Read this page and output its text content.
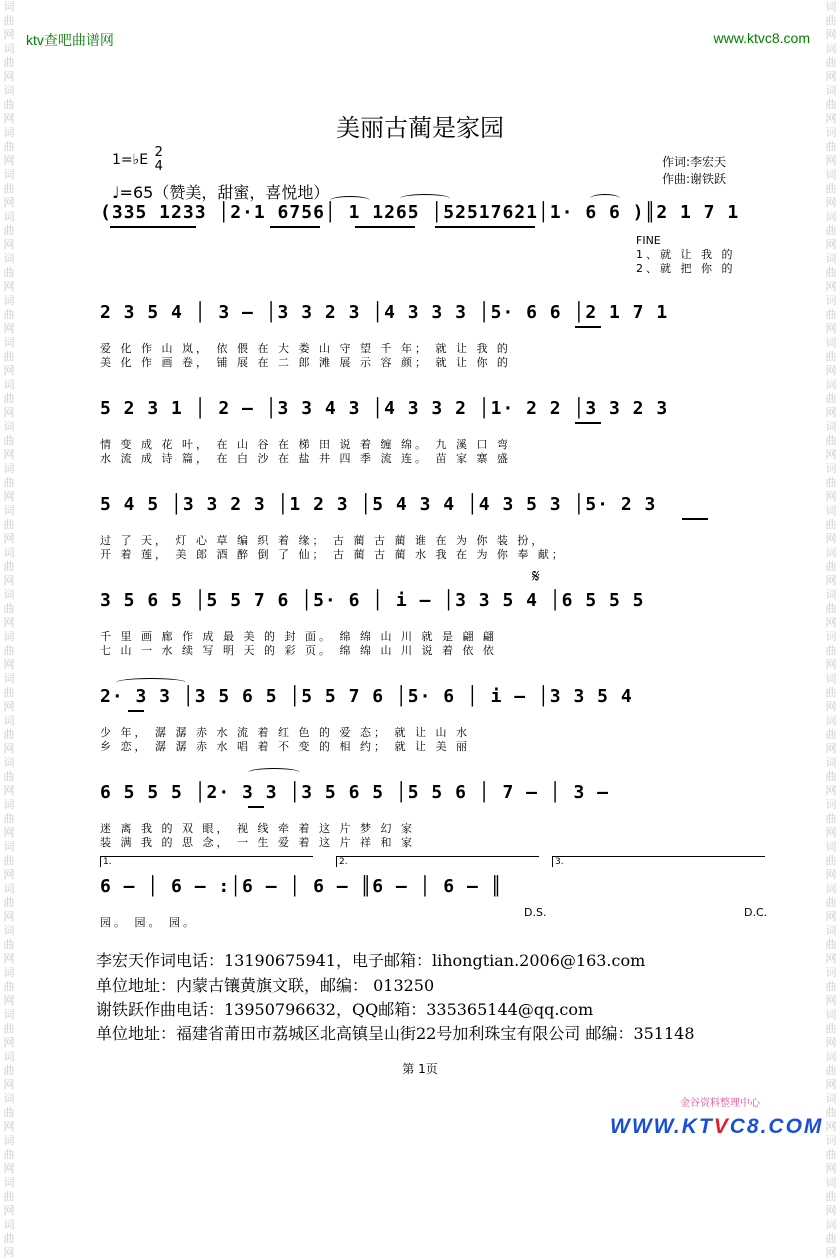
词
曲
网
词
曲
网
词
曲
网
词
曲
网
词
曲
网
词
曲
网
词
曲
网
词
曲
网
词
曲
网
词
曲
网
词
曲
网
词
曲
网
词
曲
网
词
曲
网
词
曲
网
词
曲
网
词
曲
网
词
曲
网
词
曲
网
词
曲
网
词
曲
网
词
曲
网
词
曲
网
词
曲
网
词
曲
网
词
曲
网
词
曲
网
词
曲
网
词
曲
网
词
曲
网
词
曲
网
词
曲
网
词
曲
网
词
曲
网
词
曲
网
词
曲
网
词
曲
网
词
曲
网
词
曲
网
词
曲
网
词
曲
网
词
曲
网
词
曲
网
词
曲
网
词
曲
网
词
曲
网
词
曲
网
词
曲
网
词
曲
网
词
曲
网
词
曲
网
词
曲
网
词
曲
网
词
曲
网
词
曲
网
词
曲
网
词
曲
网
词
曲
网
词
曲
网
词
曲
网
ktv查吧曲谱网	www.ktvc8.com
美丽古蔺是家园
1=♭E 2
4
♩=65（赞美，甜蜜，喜悦地）
作词:李宏天
作曲:谢铁跃
(335 1233 │2·1 6756│ 1 1265 │525176̇21│1· 6 6 )║2 1 7 1
FINE
1、就 让 我 的
2、就 把 你 的
2 3 5 4 │ 3 – │3 3 2 3 │4 3 3 3 │5· 6 6 │2 1 7 1
爱 化 作 山 岚， 依 偎 在 大 娄 山 守 望 千 年； 就 让 我 的
美 化 作 画 卷， 铺 展 在 二 郎 滩 展 示 容 颜； 就 让 你 的
5 2 3 1 │ 2 – │3 3 4 3 │4 3 3 2 │1· 2 2 │3 3 2 3
情 变 成 花 叶， 在 山 谷 在 梯 田 说 着 缠 绵。 九 溪 口 弯
水 流 成 诗 篇， 在 白 沙 在 盐 井 四 季 流 连。 苗 家 寨 盛
5 4 5 │3 3 2 3 │1 2 3 │5 4 3 4 │4 3 5 3 │5· 2 3
过 了 天， 灯 心 草 编 织 着 缘； 古 蔺 古 蔺 谁 在 为 你 装 扮，
开 着 莲， 美 郎 酒 醉 倒 了 仙； 古 蔺 古 蔺 水 我 在 为 你 奉 献；
𝄋
3 5 6 5 │5 5 7 6 │5· 6 │ i – │3 3 5 4 │6 5 5 5
千 里 画 廊 作 成 最 美 的 封 面。 绵 绵 山 川 就 是 翩 翩
七 山 一 水 续 写 明 天 的 彩 页。 绵 绵 山 川 说 着 依 依
2· 3 3 │3 5 6 5 │5 5 7 6 │5· 6 │ i – │3 3 5 4
少 年， 潺 潺 赤 水 流 着 红 色 的 爱 态； 就 让 山 水
乡 恋， 潺 潺 赤 水 唱 着 不 变 的 相 约； 就 让 美 丽
6 5 5 5 │2· 3 3 │3 5 6 5 │5 5 6 │ 7 – │ 3 –
迷 离 我 的 双 眼， 视 线 牵 着 这 片 梦 幻 家
装 满 我 的 思 念， 一 生 爱 着 这 片 祥 和 家
1.	2.	3.
6 – │ 6 – :│6 – │ 6 – ║6 – │ 6 – ║
园。 园。 园。
D.S.	D.C.
李宏天作词电话：13190675941，电子邮箱：lihongtian.2006@163.com
单位地址：内蒙古镶黄旗文联，邮编： 013250
谢铁跃作曲电话：13950796632，QQ邮箱：335365144@qq.com
单位地址：福建省莆田市荔城区北高镇呈山街22号加利珠宝有限公司 邮编：351148
第 1页
金谷资料整理中心
WWW.KTVC8.COM
